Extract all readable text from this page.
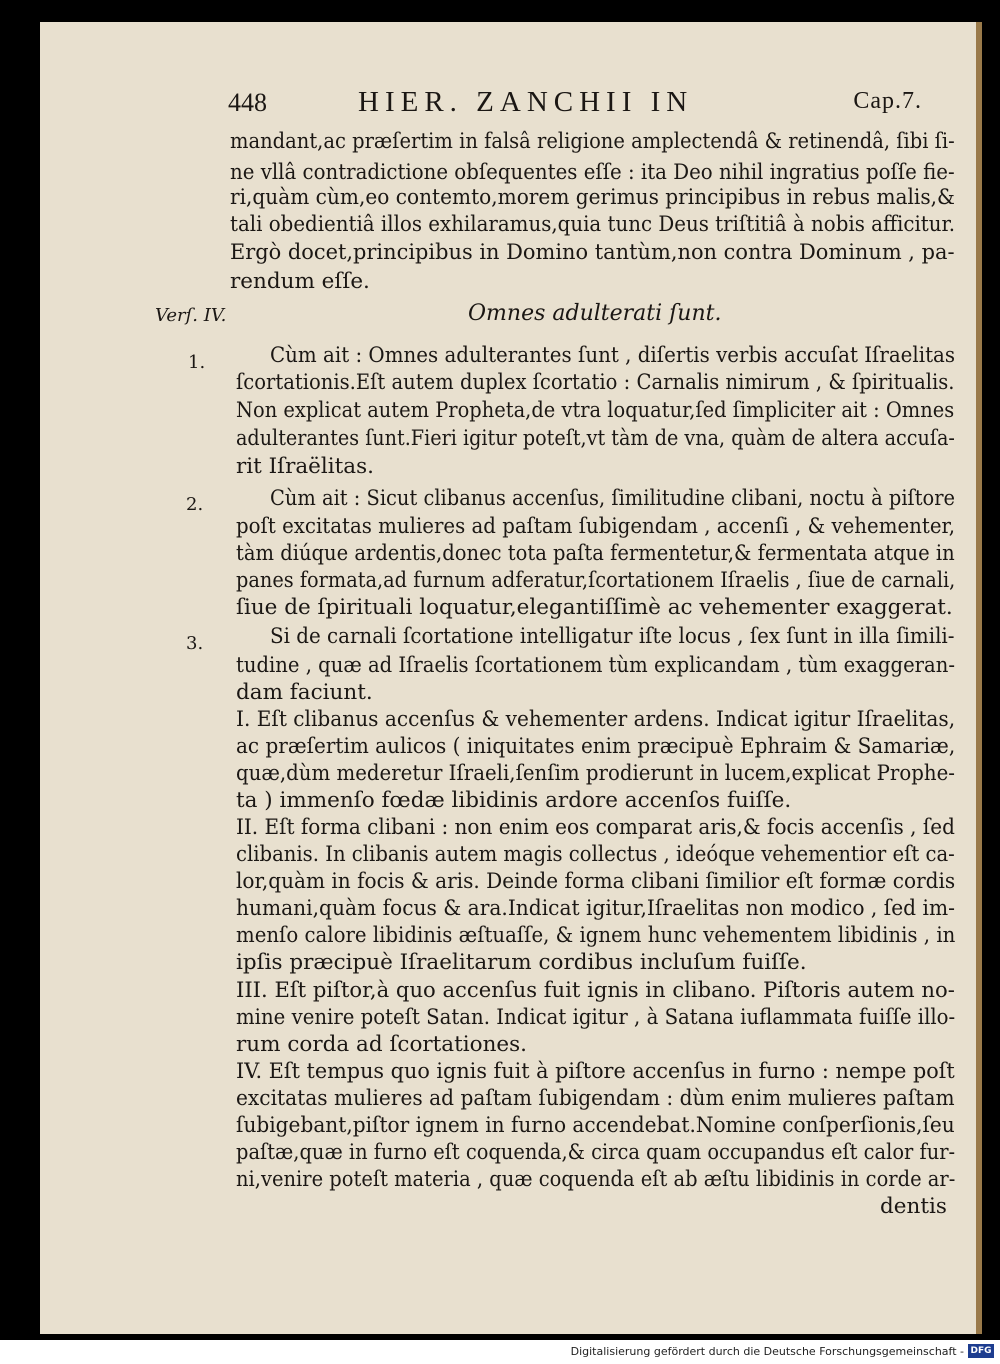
448	HIER. ZANCHII IN	Cap.7.
mandant,ac præſertim in falsâ religione amplectendâ & retinendâ, ſibi ſi-
ne vllâ contradictione obſequentes eſſe : ita Deo nihil ingratius poſſe fie-
ri,quàm cùm,eo contemto,morem gerimus principibus in rebus malis,&
tali obedientiâ illos exhilaramus,quia tunc Deus triſtitiâ à nobis afficitur.
Ergò docet,principibus in Domino tantùm,non contra Dominum , pa-
rendum eſſe.
Verſ. IV.	Omnes adulterati ſunt.
1.	Cùm ait : Omnes adulterantes ſunt , diſertis verbis accuſat Iſraelitas
ſcortationis.Eſt autem duplex ſcortatio : Carnalis nimirum , & ſpiritualis.
Non explicat autem Propheta,de vtra loquatur,ſed ſimpliciter ait : Omnes
adulterantes ſunt.Fieri igitur poteſt,vt tàm de vna, quàm de altera accuſa-
rit Iſraëlitas.
2.	Cùm ait : Sicut clibanus accenſus, ſimilitudine clibani, noctu à piſtore
poſt excitatas mulieres ad paſtam ſubigendam , accenſi , & vehementer,
tàm diúque ardentis,donec tota paſta fermentetur,& fermentata atque in
panes formata,ad furnum adferatur,ſcortationem Iſraelis , ſiue de carnali,
ſiue de ſpirituali loquatur,elegantiſſimè ac vehementer exaggerat.
3.	Si de carnali ſcortatione intelligatur iſte locus , ſex ſunt in illa ſimili-
tudine , quæ ad Iſraelis ſcortationem tùm explicandam , tùm exaggeran-
dam faciunt.
I. Eſt clibanus accenſus & vehementer ardens. Indicat igitur Iſraelitas,
ac præſertim aulicos ( iniquitates enim præcipuè Ephraim & Samariæ,
quæ,dùm mederetur Iſraeli,ſenſim prodierunt in lucem,explicat Prophe-
ta ) immenſo fœdæ libidinis ardore accenſos fuiſſe.
II. Eſt forma clibani : non enim eos comparat aris,& focis accenſis , ſed
clibanis. In clibanis autem magis collectus , ideóque vehementior eſt ca-
lor,quàm in focis & aris. Deinde forma clibani ſimilior eſt formæ cordis
humani,quàm focus & ara.Indicat igitur,Iſraelitas non modico , ſed im-
menſo calore libidinis æſtuaſſe, & ignem hunc vehementem libidinis , in
ipſis præcipuè Iſraelitarum cordibus incluſum fuiſſe.
III. Eſt piſtor,à quo accenſus fuit ignis in clibano. Piſtoris autem no-
mine venire poteſt Satan. Indicat igitur , à Satana iuflammata fuiſſe illo-
rum corda ad ſcortationes.
IV. Eſt tempus quo ignis fuit à piſtore accenſus in furno : nempe poſt
excitatas mulieres ad paſtam ſubigendam : dùm enim mulieres paſtam
ſubigebant,piſtor ignem in furno accendebat.Nomine conſperſionis,ſeu
paſtæ,quæ in furno eſt coquenda,& circa quam occupandus eſt calor fur-
ni,venire poteſt materia , quæ coquenda eſt ab æſtu libidinis in corde ar-
dentis
Digitalisierung gefördert durch die Deutsche Forschungsgemeinschaft - DFG
